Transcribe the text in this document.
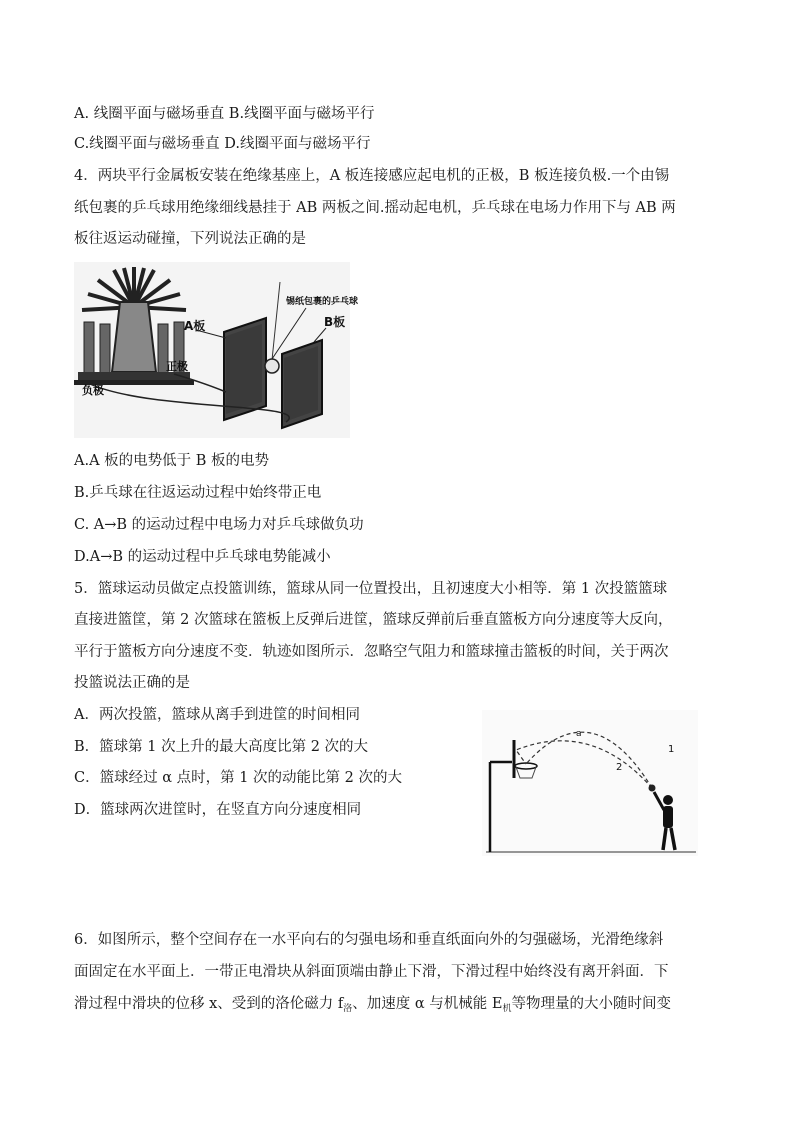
A. 线圈平面与磁场垂直 B.线圈平面与磁场平行
C.线圈平面与磁场垂直 D.线圈平面与磁场平行
4．两块平行金属板安装在绝缘基座上，A 板连接感应起电机的正极，B 板连接负极.一个由锡
纸包裹的乒乓球用绝缘细线悬挂于 AB 两板之间.摇动起电机，乒乓球在电场力作用下与 AB 两
板往返运动碰撞，下列说法正确的是
A板
锡纸包裹的乒乓球
B板
正极
负极
A.A 板的电势低于 B 板的电势
B.乒乓球在往返运动过程中始终带正电
C. A→B 的运动过程中电场力对乒乓球做负功
D.A→B 的运动过程中乒乓球电势能减小
5．篮球运动员做定点投篮训练，篮球从同一位置投出，且初速度大小相等．第 1 次投篮篮球
直接进篮筐，第 2 次篮球在篮板上反弹后进筐，篮球反弹前后垂直篮板方向分速度等大反向，
平行于篮板方向分速度不变．轨迹如图所示．忽略空气阻力和篮球撞击篮板的时间，关于两次
投篮说法正确的是
A．两次投篮，篮球从离手到进筐的时间相同
B．篮球第 1 次上升的最大高度比第 2 次的大
C．篮球经过 α 点时，第 1 次的动能比第 2 次的大
D．篮球两次进筐时，在竖直方向分速度相同
a
1
2
6．如图所示，整个空间存在一水平向右的匀强电场和垂直纸面向外的匀强磁场，光滑绝缘斜
面固定在水平面上．一带正电滑块从斜面顶端由静止下滑，下滑过程中始终没有离开斜面．下
滑过程中滑块的位移 x、受到的洛伦磁力 $f_洛$、加速度 α 与机械能 $E_机$等物理量的大小随时间变
